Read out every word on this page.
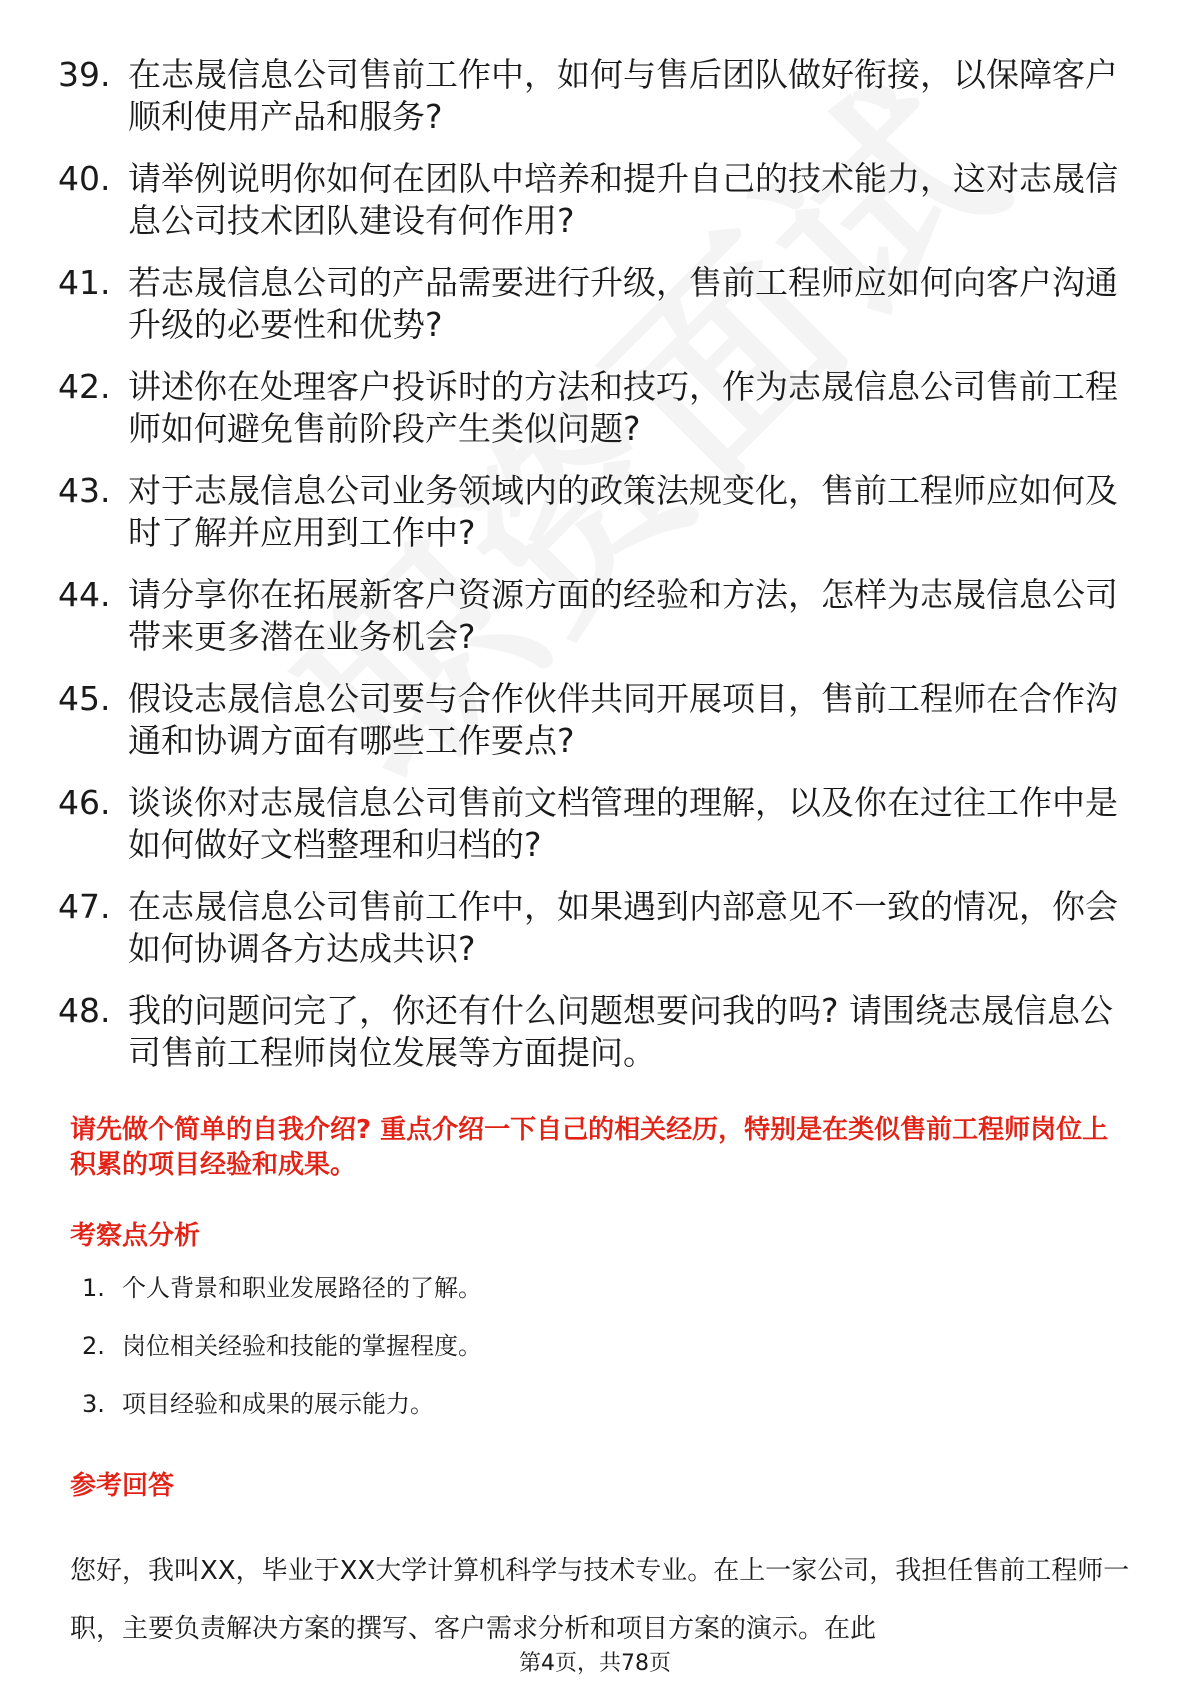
39. 在志晟信息公司售前工作中，如何与售后团队做好衔接，以保障客户顺利使用产品和服务?
40. 请举例说明你如何在团队中培养和提升自己的技术能力，这对志晟信息公司技术团队建设有何作用?
41. 若志晟信息公司的产品需要进行升级，售前工程师应如何向客户沟通升级的必要性和优势?
42. 讲述你在处理客户投诉时的方法和技巧，作为志晟信息公司售前工程师如何避免售前阶段产生类似问题?
43. 对于志晟信息公司业务领域内的政策法规变化，售前工程师应如何及时了解并应用到工作中?
44. 请分享你在拓展新客户资源方面的经验和方法，怎样为志晟信息公司带来更多潜在业务机会?
45. 假设志晟信息公司要与合作伙伴共同开展项目，售前工程师在合作沟通和协调方面有哪些工作要点?
46. 谈谈你对志晟信息公司售前文档管理的理解，以及你在过往工作中是如何做好文档整理和归档的?
47. 在志晟信息公司售前工作中，如果遇到内部意见不一致的情况，你会如何协调各方达成共识?
48. 我的问题问完了，你还有什么问题想要问我的吗? 请围绕志晟信息公司售前工程师岗位发展等方面提问。
请先做个简单的自我介绍? 重点介绍一下自己的相关经历，特别是在类似售前工程师岗位上积累的项目经验和成果。
考察点分析
1. 个人背景和职业发展路径的了解。
2. 岗位相关经验和技能的掌握程度。
3. 项目经验和成果的展示能力。
参考回答
您好，我叫XX，毕业于XX大学计算机科学与技术专业。在上一家公司，我担任售前工程师一职，主要负责解决方案的撰写、客户需求分析和项目方案的演示。在此
第4页，共78页
